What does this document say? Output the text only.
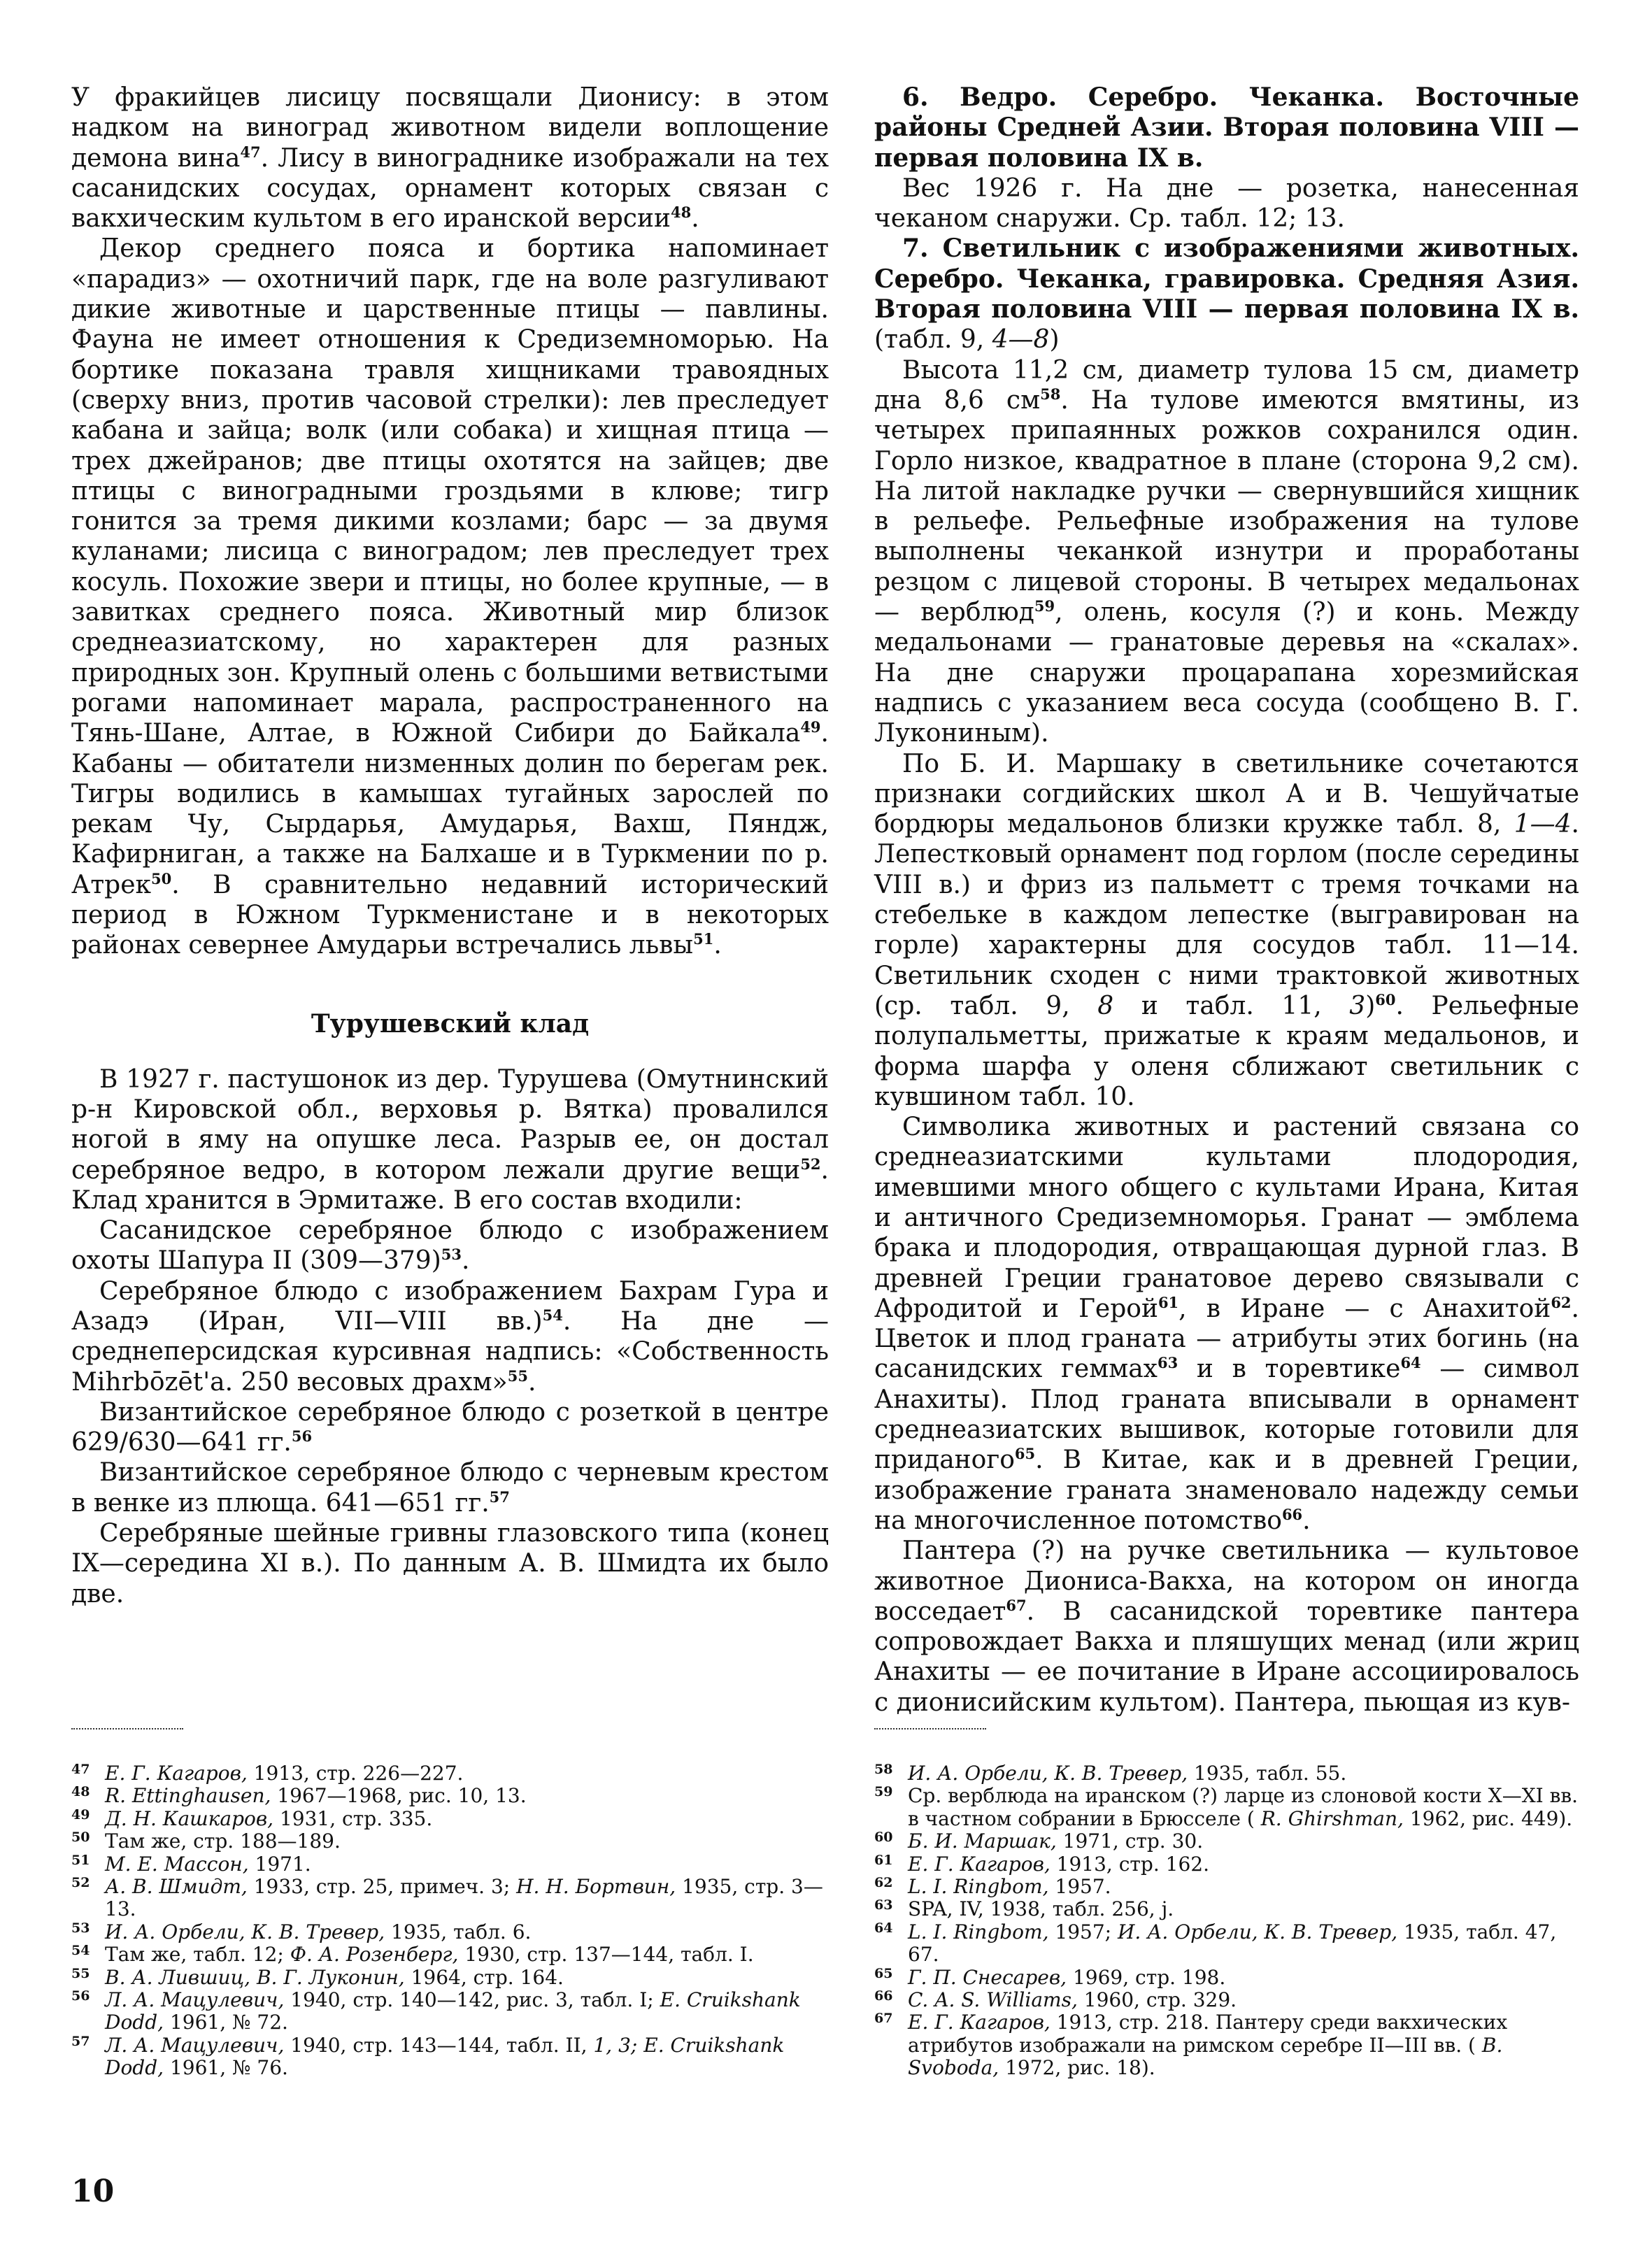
У фракийцев лисицу посвящали Дионису: в этом надком на виноград животном видели воплощение демона вина$^{47}$. Лису в винограднике изображали на тех сасанидских сосудах, орнамент которых связан с вакхическим культом в его иранской версии$^{48}$.

Декор среднего пояса и бортика напоминает «парадиз» — охотничий парк, где на воле разгуливают дикие животные и царственные птицы — павлины. Фауна не имеет отношения к Средиземноморью. На бортике показана травля хищниками травоядных (сверху вниз, против часовой стрелки): лев преследует кабана и зайца; волк (или собака) и хищная птица — трех джейранов; две птицы охотятся на зайцев; две птицы с виноградными гроздьями в клюве; тигр гонится за тремя дикими козлами; барс — за двумя куланами; лисица с виноградом; лев преследует трех косуль. Похожие звери и птицы, но более крупные, — в завитках среднего пояса. Животный мир близок среднеазиатскому, но характерен для разных природных зон. Крупный олень с большими ветвистыми рогами напоминает марала, распространенного на Тянь-Шане, Алтае, в Южной Сибири до Байкала$^{49}$. Кабаны — обитатели низменных долин по берегам рек. Тигры водились в камышах тугайных зарослей по рекам Чу, Сырдарья, Амударья, Вахш, Пяндж, Кафирниган, а также на Балхаше и в Туркмении по р. Атрек$^{50}$. В сравнительно недавний исторический период в Южном Туркменистане и в некоторых районах севернее Амударьи встречались львы$^{51}$.

Турушевский клад

В 1927 г. пастушонок из дер. Турушева (Омутнинский р-н Кировской обл., верховья р. Вятка) провалился ногой в яму на опушке леса. Разрыв ее, он достал серебряное ведро, в котором лежали другие вещи$^{52}$. Клад хранится в Эрмитаже. В его состав входили:

Сасанидское серебряное блюдо с изображением охоты Шапура II (309—379)$^{53}$.

Серебряное блюдо с изображением Бахрам Гура и Азадэ (Иран, VII—VIII вв.)$^{54}$. На дне — среднеперсидская курсивная надпись: «Собственность Mihrbōzēt'a. 250 весовых драхм»$^{55}$.

Византийское серебряное блюдо с розеткой в центре 629/630—641 гг.$^{56}$

Византийское серебряное блюдо с черневым крестом в венке из плюща. 641—651 гг.$^{57}$

Серебряные шейные гривны глазовского типа (конец IX—середина XI в.). По данным А. В. Шмидта их было две.

6. Ведро. Серебро. Чеканка. Восточные районы Средней Азии. Вторая половина VIII — первая половина IX в.

Вес 1926 г. На дне — розетка, нанесенная чеканом снаружи. Ср. табл. 12; 13.

7. Светильник с изображениями животных. Серебро. Чеканка, гравировка. Средняя Азия. Вторая половина VIII — первая половина IX в. (табл. 9, 4—8)

Высота 11,2 см, диаметр тулова 15 см, диаметр дна 8,6 $см^{58}$. На тулове имеются вмятины, из четырех припаянных рожков сохранился один. Горло низкое, квадратное в плане (сторона 9,2 см). На литой накладке ручки — свернувшийся хищник в рельефе. Рельефные изображения на тулове выполнены чеканкой изнутри и проработаны резцом с лицевой стороны. В четырех медальонах — верблюд$^{59}$, олень, косуля (?) и конь. Между медальонами — гранатовые деревья на «скалах». На дне снаружи процарапана хорезмийская надпись с указанием веса сосуда (сообщено В. Г. Лукониным).

По Б. И. Маршаку в светильнике сочетаются признаки согдийских школ А и В. Чешуйчатые бордюры медальонов близки кружке табл. 8, 1—4. Лепестковый орнамент под горлом (после середины VIII в.) и фриз из пальметт с тремя точками на стебельке в каждом лепестке (выгравирован на горле) характерны для сосудов табл. 11—14. Светильник сходен с ними трактовкой животных (ср. табл. 9, 8 и табл. 11, 3)$^{60}$. Рельефные полупальметты, прижатые к краям медальонов, и форма шарфа у оленя сближают светильник с кувшином табл. 10.

Символика животных и растений связана со среднеазиатскими культами плодородия, имевшими много общего с культами Ирана, Китая и античного Средиземноморья. Гранат — эмблема брака и плодородия, отвращающая дурной глаз. В древней Греции гранатовое дерево связывали с Афродитой и Герой$^{61}$, в Иране — с Анахитой$^{62}$. Цветок и плод граната — атрибуты этих богинь (на сасанидских геммах$^{63}$ и в торевтике$^{64}$ — символ Анахиты). Плод граната вписывали в орнамент среднеазиатских вышивок, которые готовили для приданого$^{65}$. В Китае, как и в древней Греции, изображение граната знаменовало надежду семьи на многочисленное потомство$^{66}$.

Пантера (?) на ручке светильника — культовое животное Диониса-Вакха, на котором он иногда восседает$^{67}$. В сасанидской торевтике пантера сопровождает Вакха и пляшущих менад (или жриц Анахиты — ее почитание в Иране ассоциировалось с дионисийским культом). Пантера, пьющая из кув-

47 Е. Г. Кагаров, 1913, стр. 226—227.
48 R. Ettinghausen, 1967—1968, рис. 10, 13.
49 Д. Н. Кашкаров, 1931, стр. 335.
50 Там же, стр. 188—189.
51 М. Е. Массон, 1971.
52 А. В. Шмидт, 1933, стр. 25, примеч. 3; Н. Н. Бортвин, 1935, стр. 3—13.
53 И. А. Орбели, К. В. Тревер, 1935, табл. 6.
54 Там же, табл. 12; Ф. А. Розенберг, 1930, стр. 137—144, табл. I.
55 В. А. Лившиц, В. Г. Луконин, 1964, стр. 164.
56 Л. А. Мацулевич, 1940, стр. 140—142, рис. 3, табл. I; E. Cruikshank Dodd, 1961, № 72.
57 Л. А. Мацулевич, 1940, стр. 143—144, табл. II, 1, 3; E. Cruikshank Dodd, 1961, № 76.
58 И. А. Орбели, К. В. Тревер, 1935, табл. 55.
59 Ср. верблюда на иранском (?) ларце из слоновой кости X—XI вв. в частном собрании в Брюсселе ( R. Ghirshman, 1962, рис. 449).
60 Б. И. Маршак, 1971, стр. 30.
61 Е. Г. Кагаров, 1913, стр. 162.
62 L. I. Ringbom, 1957.
63 SPA, IV, 1938, табл. 256, j.
64 L. I. Ringbom, 1957; И. А. Орбели, К. В. Тревер, 1935, табл. 47, 67.
65 Г. П. Снесарев, 1969, стр. 198.
66 C. A. S. Williams, 1960, стр. 329.
67 Е. Г. Кагаров, 1913, стр. 218. Пантеру среди вакхических атрибутов изображали на римском серебре II—III вв. ( B. Svoboda, 1972, рис. 18).
10
